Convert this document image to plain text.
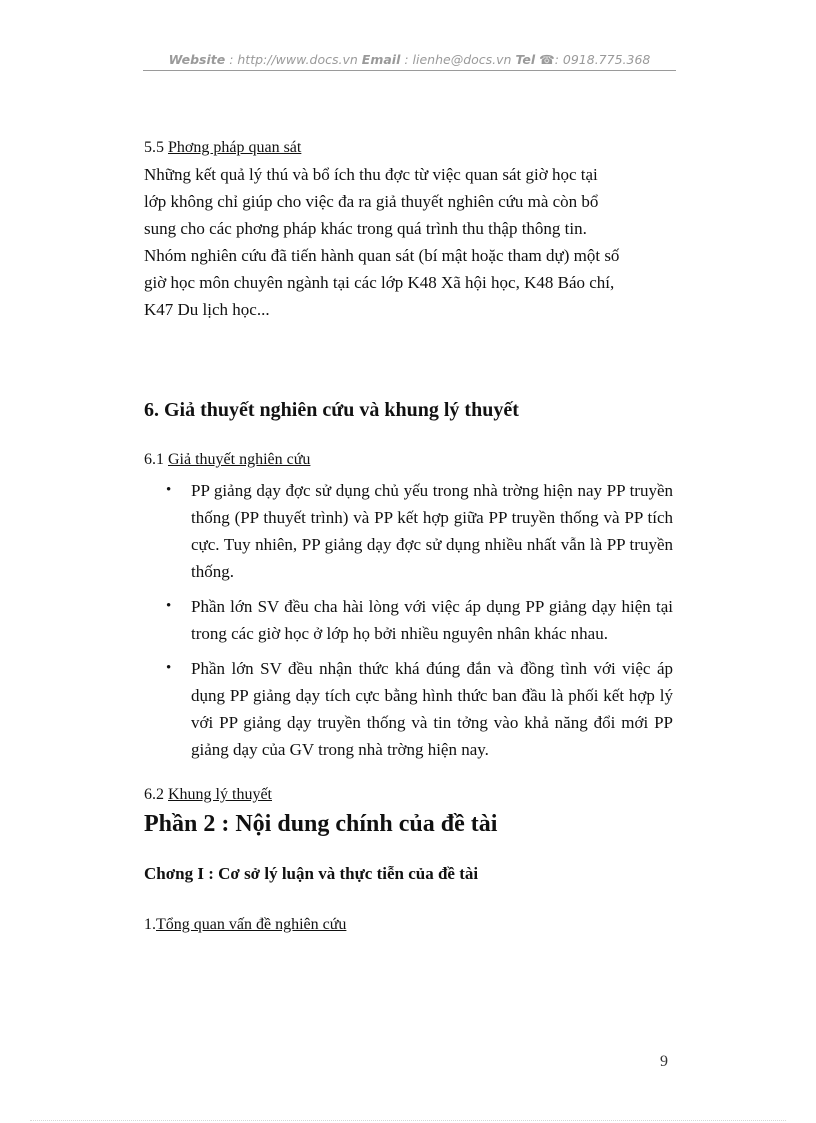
Website : http://www.docs.vn Email : lienhe@docs.vn Tel ☎: 0918.775.368

5.5 Phơng pháp quan sát

Những kết quả lý thú và bổ ích thu đợc từ việc quan sát giờ học tại

lớp không chỉ giúp cho việc đa ra giả thuyết nghiên cứu mà còn bổ

sung cho các phơng pháp khác trong quá trình thu thập thông tin.

Nhóm nghiên cứu đã tiến hành quan sát (bí mật hoặc tham dự) một số

giờ học môn chuyên ngành tại các lớp K48 Xã hội học, K48 Báo chí,

K47 Du lịch học...

6. Giả thuyết nghiên cứu và khung lý thuyết

6.1 Giả thuyết nghiên cứu

• PP giảng dạy đợc sử dụng chủ yếu trong nhà trờng hiện nay PP truyền thống (PP thuyết trình) và PP kết hợp giữa PP truyền thống và PP tích cực. Tuy nhiên, PP giảng dạy đợc sử dụng nhiều nhất vẫn là PP truyền thống.
• Phần lớn SV đều cha hài lòng với việc áp dụng PP giảng dạy hiện tại trong các giờ học ở lớp họ bởi nhiều nguyên nhân khác nhau.
• Phần lớn SV đều nhận thức khá đúng đắn và đồng tình với việc áp dụng PP giảng dạy tích cực bằng hình thức ban đầu là phối kết hợp lý với PP giảng dạy truyền thống và tin tởng vào khả năng đổi mới PP giảng dạy của GV trong nhà trờng hiện nay.

6.2 Khung lý thuyết

Phần 2 : Nội dung chính của đề tài
Chơng I : Cơ sở lý luận và thực tiễn của đề tài

1.Tổng quan vấn đề nghiên cứu

9
